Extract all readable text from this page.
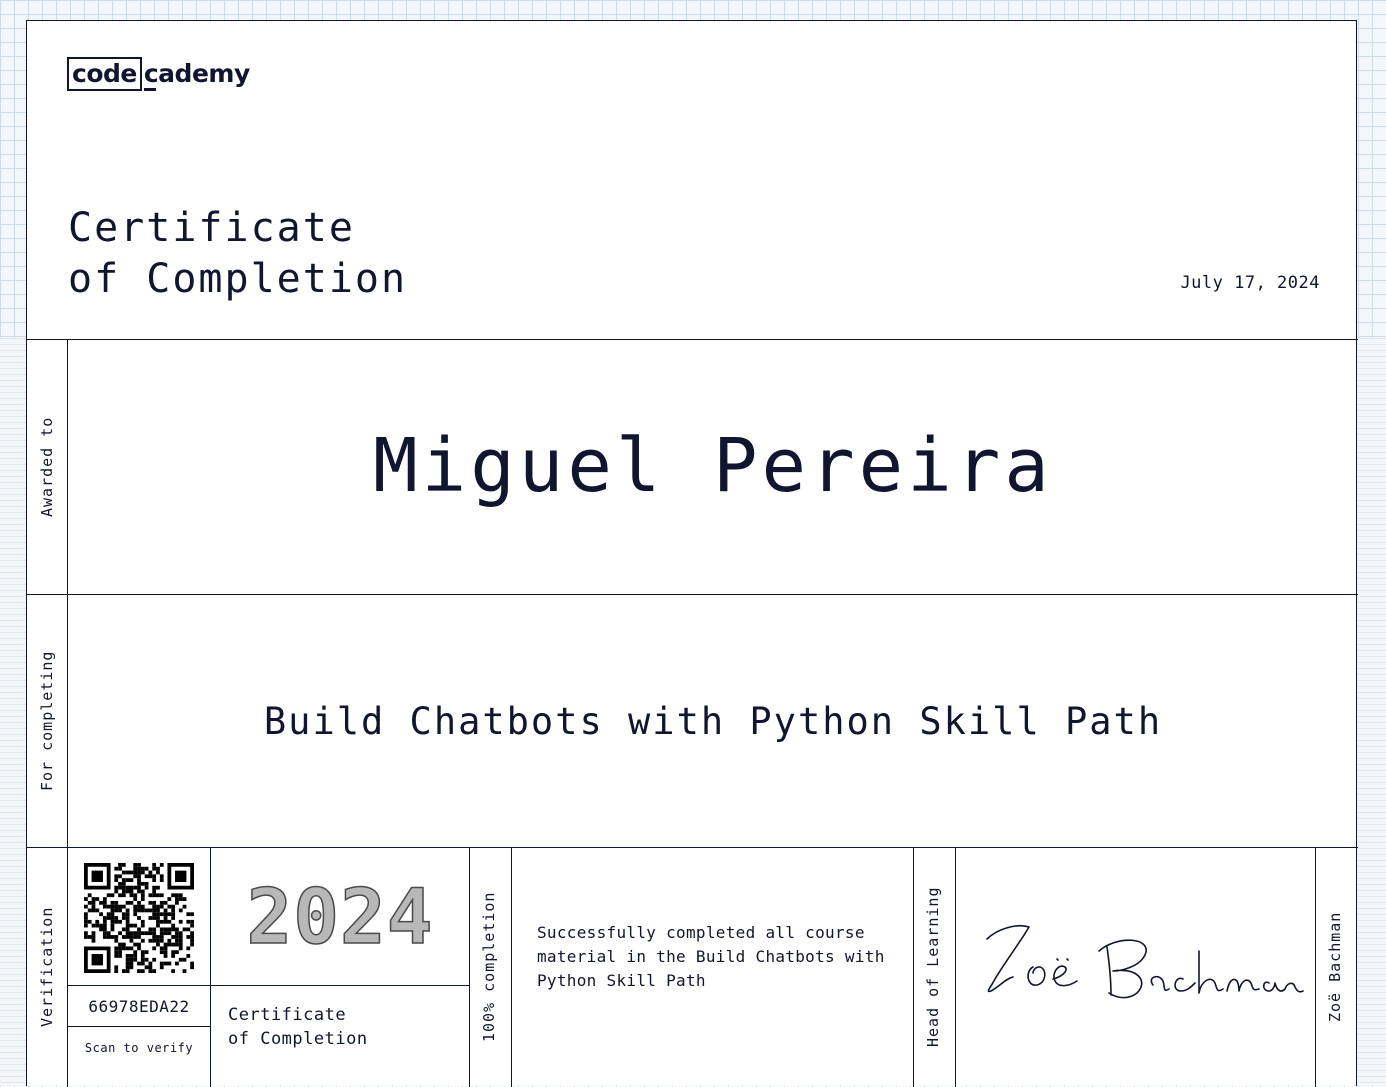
code cademy
Certificate
of Completion	July 17, 2024
Awarded to	Miguel Pereira
For completing	Build Chatbots with Python Skill Path
Verification	2024
66978EDA22
Scan to verify
Certificate
of Completion	100% completion Successfully completed all course material in the Build Chatbots with Python Skill Path	Head of Learning	Zoë Bachman
